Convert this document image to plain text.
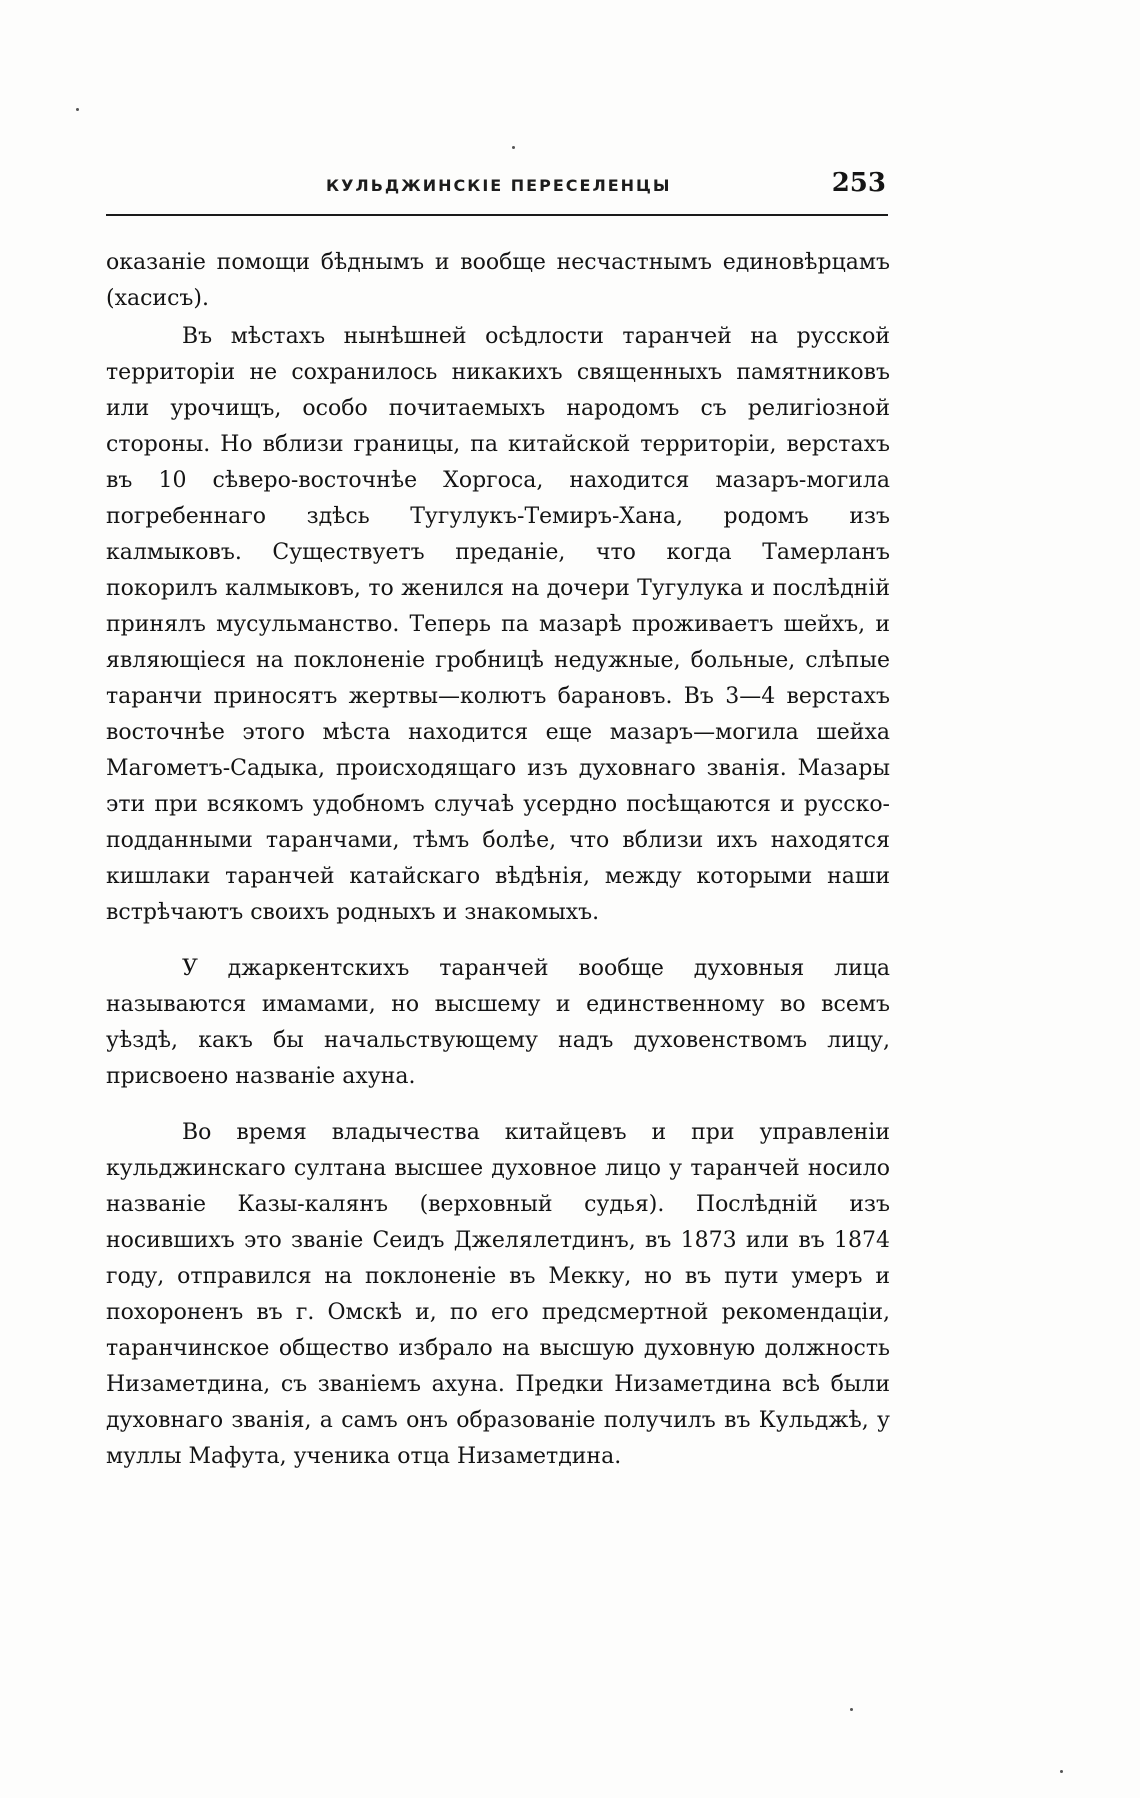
КУЛЬДЖИНСКІЕ ПЕРЕСЕЛЕНЦЫ	253

оказаніе помощи бѣднымъ и вообще несчастнымъ единовѣрцамъ (хасисъ).

Въ мѣстахъ нынѣшней осѣдлости таранчей на русской территоріи не сохранилось никакихъ священныхъ памятниковъ или урочищъ, особо почитаемыхъ народомъ съ религіозной стороны. Но вблизи границы, па китайской территоріи, верстахъ въ 10 сѣверо-восточнѣе Хоргоса, находится мазаръ-могила погребеннаго здѣсь Тугулукъ-Темиръ-Хана, родомъ изъ калмыковъ. Существуетъ преданіе, что когда Тамерланъ покорилъ калмыковъ, то женился на дочери Тугулука и послѣдній принялъ мусульманство. Теперь па мазарѣ проживаетъ шейхъ, и являющіеся на поклоненіе гробницѣ недужные, больные, слѣпые таранчи приносятъ жертвы—колютъ барановъ. Въ 3—4 верстахъ восточнѣе этого мѣста находится еще мазаръ—могила шейха Магометъ-Садыка, происходящаго изъ духовнаго званія. Мазары эти при всякомъ удобномъ случаѣ усердно посѣщаются и русско-подданными таранчами, тѣмъ болѣе, что вблизи ихъ находятся кишлаки таранчей катайскаго вѣдѣнія, между которыми наши встрѣчаютъ своихъ родныхъ и знакомыхъ.

У джаркентскихъ таранчей вообще духовныя лица называются имамами, но высшему и единственному во всемъ уѣздѣ, какъ бы начальствующему надъ духовенствомъ лицу, присвоено названіе ахуна.

Во время владычества китайцевъ и при управленіи кульджинскаго султана высшее духовное лицо у таранчей носило названіе Казы-калянъ (верховный судья). Послѣдній изъ носившихъ это званіе Сеидъ Джелялетдинъ, въ 1873 или въ 1874 году, отправился на поклоненіе въ Мекку, но въ пути умеръ и похороненъ въ г. Омскѣ и, по его предсмертной рекомендаціи, таранчинское общество избрало на высшую духовную должность Низаметдина, съ званіемъ ахуна. Предки Низаметдина всѣ были духовнаго званія, а самъ онъ образованіе получилъ въ Кульджѣ, у муллы Мафута, ученика отца Низаметдина.
